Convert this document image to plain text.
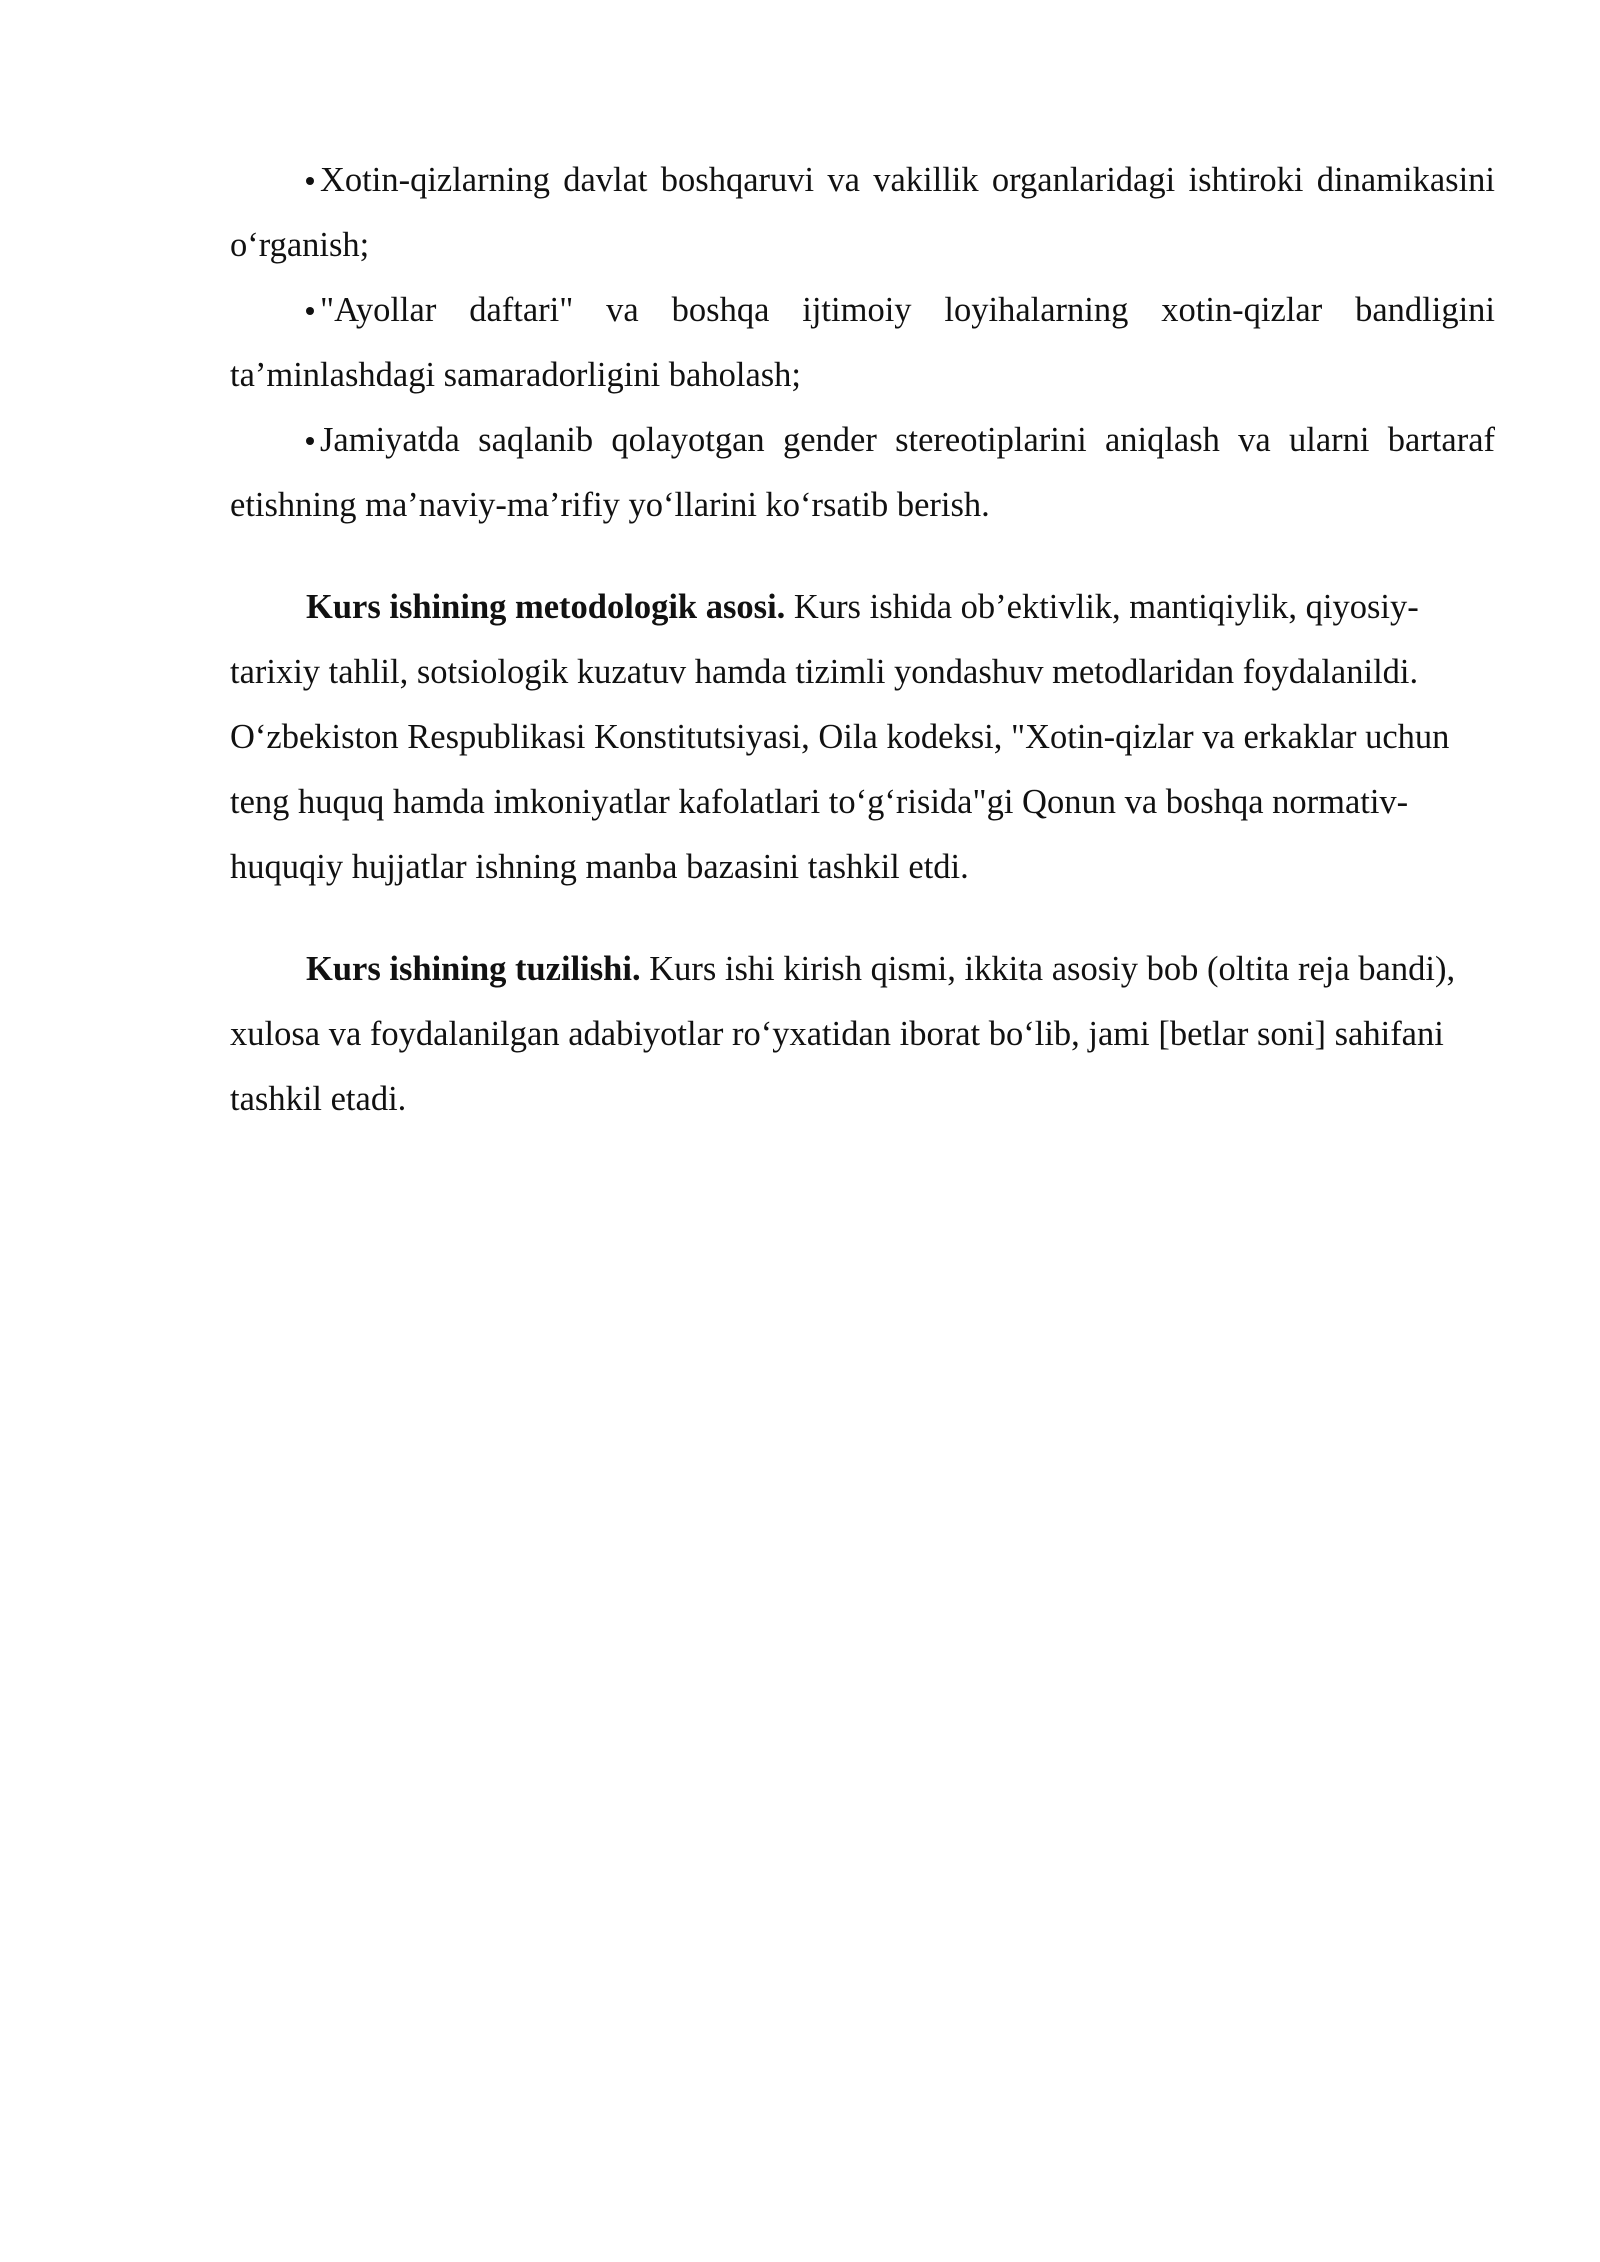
Xotin-qizlarning davlat boshqaruvi va vakillik organlaridagi ishtiroki dinamikasini o‘rganish;
"Ayollar daftari" va boshqa ijtimoiy loyihalarning xotin-qizlar bandligini ta’minlashdagi samaradorligini baholash;
Jamiyatda saqlanib qolayotgan gender stereotiplarini aniqlash va ularni bartaraf etishning ma’naviy-ma’rifiy yo‘llarini ko‘rsatib berish.

Kurs ishining metodologik asosi. Kurs ishida ob’ektivlik, mantiqiylik, qiyosiy-tarixiy tahlil, sotsiologik kuzatuv hamda tizimli yondashuv metodlaridan foydalanildi. O‘zbekiston Respublikasi Konstitutsiyasi, Oila kodeksi, "Xotin-qizlar va erkaklar uchun teng huquq hamda imkoniyatlar kafolatlari to‘g‘risida"gi Qonun va boshqa normativ-huquqiy hujjatlar ishning manba bazasini tashkil etdi.

Kurs ishining tuzilishi. Kurs ishi kirish qismi, ikkita asosiy bob (oltita reja bandi), xulosa va foydalanilgan adabiyotlar ro‘yxatidan iborat bo‘lib, jami [betlar soni] sahifani tashkil etadi.
